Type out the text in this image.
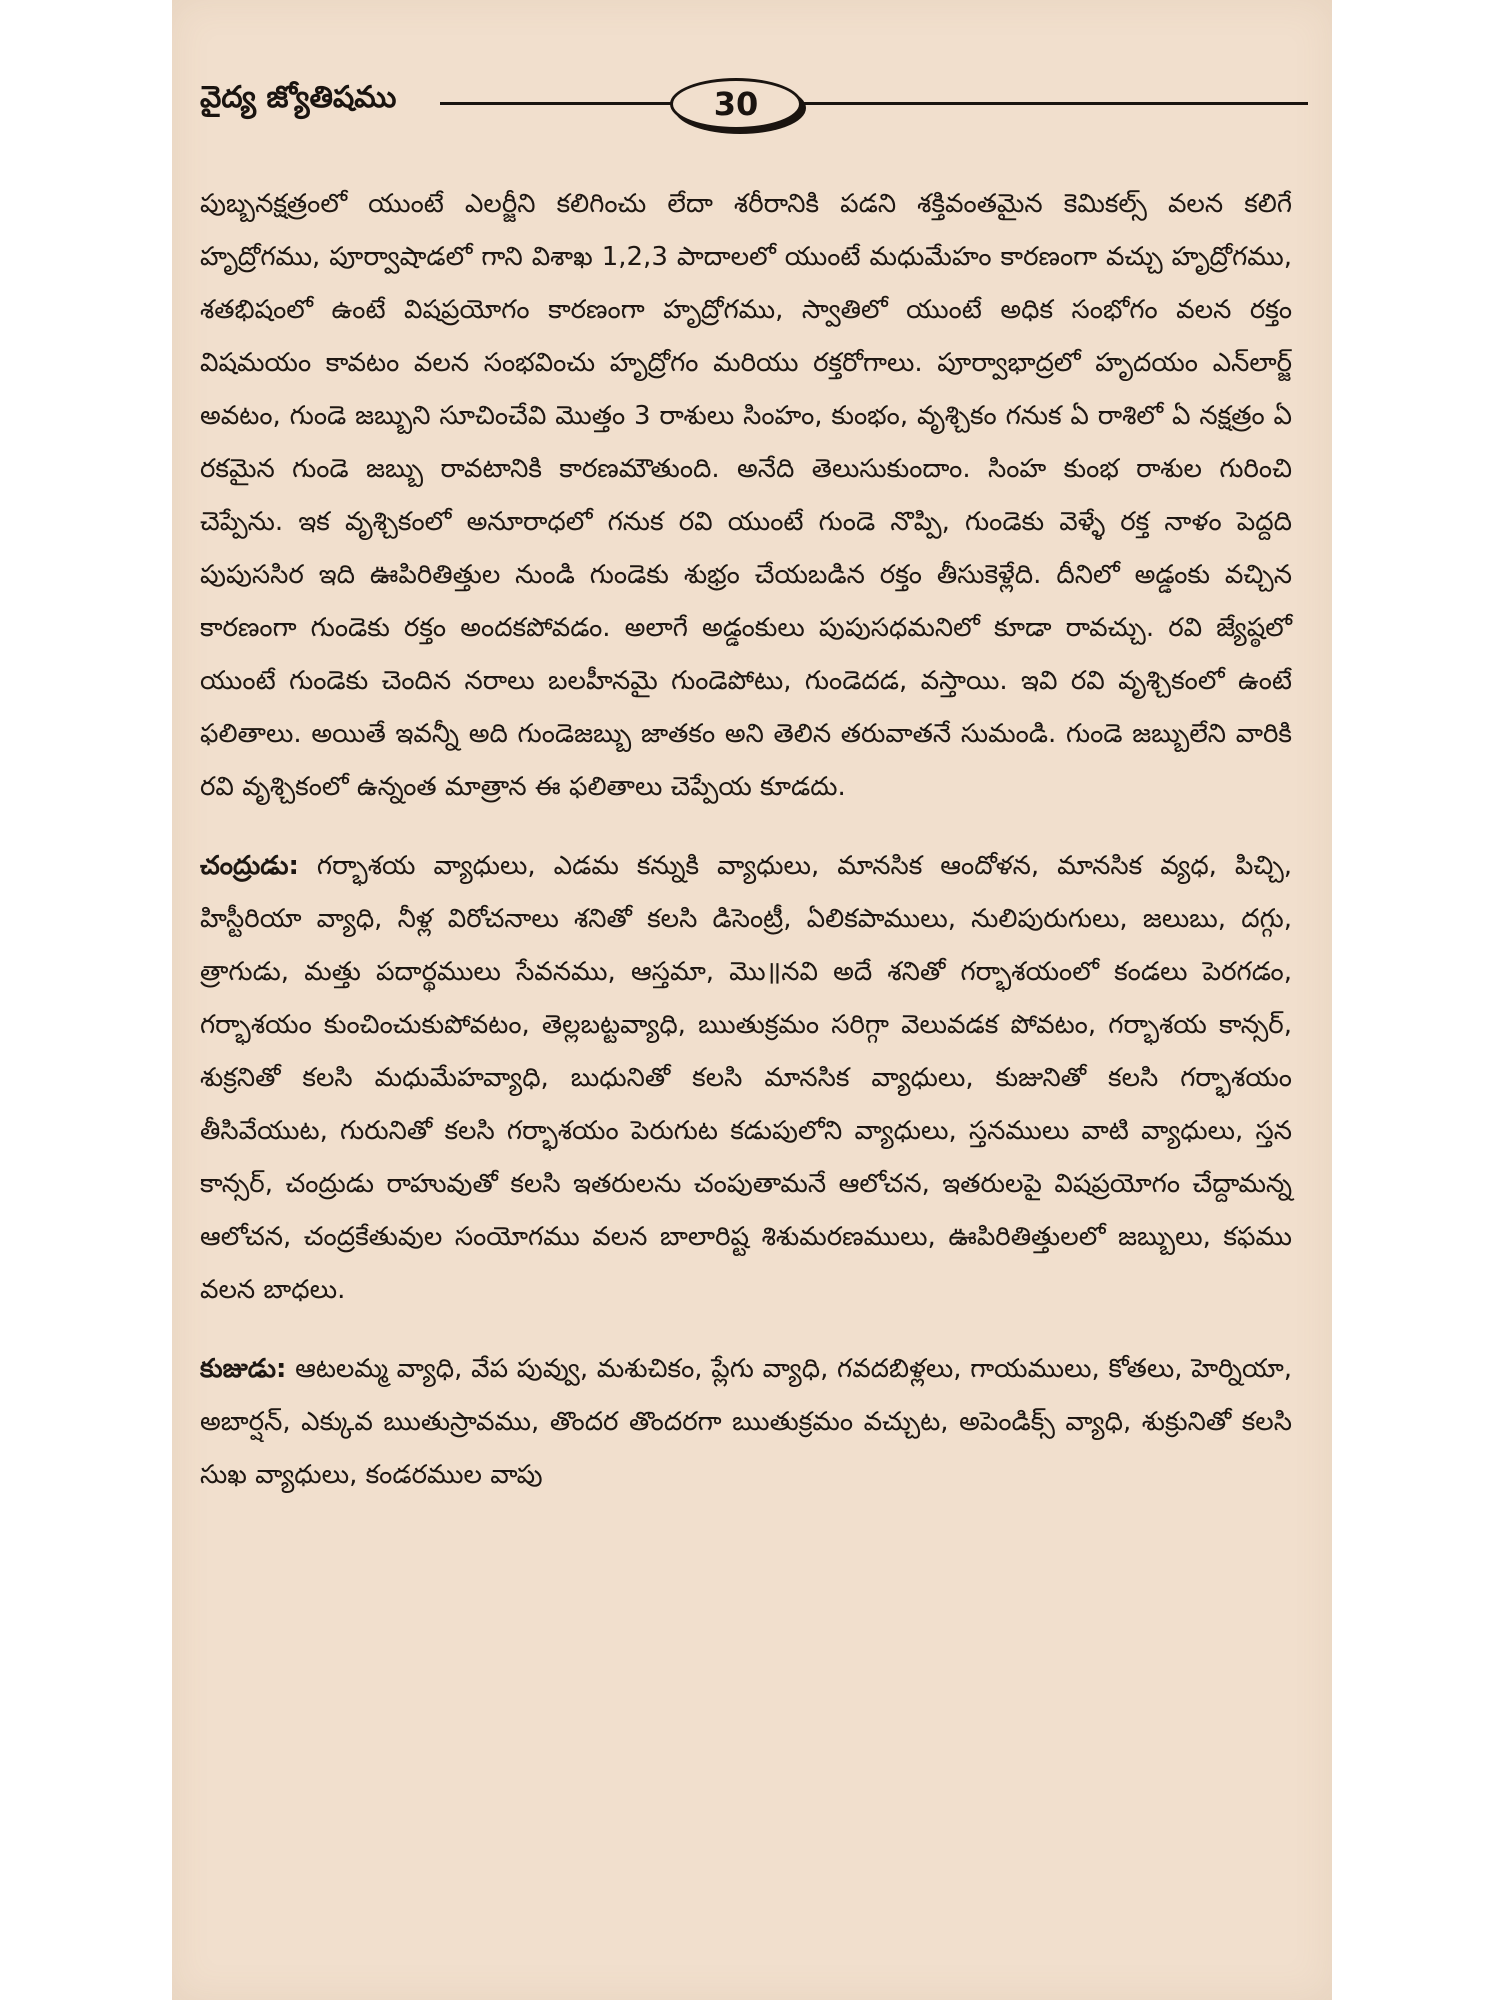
వైద్య జ్యోతిషము	30

పుబ్బనక్షత్రంలో యుంటే ఎలర్జీని కలిగించు లేదా శరీరానికి పడని శక్తివంతమైన కెమికల్స్ వలన కలిగే హృద్రోగము, పూర్వాషాడలో గాని విశాఖ 1,2,3 పాదాలలో యుంటే మధుమేహం కారణంగా వచ్చు హృద్రోగము, శతభిషంలో ఉంటే విషప్రయోగం కారణంగా హృద్రోగము, స్వాతిలో యుంటే అధిక సంభోగం వలన రక్తం విషమయం కావటం వలన సంభవించు హృద్రోగం మరియు రక్తరోగాలు. పూర్వాభాద్రలో హృదయం ఎన్‌లార్జ్ అవటం, గుండె జబ్బుని సూచించేవి మొత్తం 3 రాశులు సింహం, కుంభం, వృశ్చికం గనుక ఏ రాశిలో ఏ నక్షత్రం ఏ రకమైన గుండె జబ్బు రావటానికి కారణమౌతుంది. అనేది తెలుసుకుందాం. సింహ కుంభ రాశుల గురించి చెప్పేను. ఇక వృశ్చికంలో అనూరాధలో గనుక రవి యుంటే గుండె నొప్పి, గుండెకు వెళ్ళే రక్త నాళం పెద్దది పుపుససిర ఇది ఊపిరితిత్తుల నుండి గుండెకు శుభ్రం చేయబడిన రక్తం తీసుకెళ్లేది. దీనిలో అడ్డంకు వచ్చిన కారణంగా గుండెకు రక్తం అందకపోవడం. అలాగే అడ్డంకులు పుపుసధమనిలో కూడా రావచ్చు. రవి జ్యేష్ఠలో యుంటే గుండెకు చెందిన నరాలు బలహీనమై గుండెపోటు, గుండెదడ, వస్తాయి. ఇవి రవి వృశ్చికంలో ఉంటే ఫలితాలు. అయితే ఇవన్నీ అది గుండెజబ్బు జాతకం అని తెలిన తరువాతనే సుమండి. గుండె జబ్బులేని వారికి రవి వృశ్చికంలో ఉన్నంత మాత్రాన ఈ ఫలితాలు చెప్పేయ కూడదు.

చంద్రుడు: గర్భాశయ వ్యాధులు, ఎడమ కన్నుకి వ్యాధులు, మానసిక ఆందోళన, మానసిక వ్యధ, పిచ్చి, హిస్టీరియా వ్యాధి, నీళ్ల విరోచనాలు శనితో కలసి డిసెంట్రీ, ఏలికపాములు, నులిపురుగులు, జలుబు, దగ్గు, త్రాగుడు, మత్తు పదార్థములు సేవనము, ఆస్తమా, మొ॥నవి అదే శనితో గర్భాశయంలో కండలు పెరగడం, గర్భాశయం కుంచించుకుపోవటం, తెల్లబట్టవ్యాధి, ఋతుక్రమం సరిగ్గా వెలువడక పోవటం, గర్భాశయ కాన్సర్, శుక్రనితో కలసి మధుమేహవ్యాధి, బుధునితో కలసి మానసిక వ్యాధులు, కుజునితో కలసి గర్భాశయం తీసివేయుట, గురునితో కలసి గర్భాశయం పెరుగుట కడుపులోని వ్యాధులు, స్తనములు వాటి వ్యాధులు, స్తన కాన్సర్, చంద్రుడు రాహువుతో కలసి ఇతరులను చంపుతామనే ఆలోచన, ఇతరులపై విషప్రయోగం చేద్దామన్న ఆలోచన, చంద్రకేతువుల సంయోగము వలన బాలారిష్ట శిశుమరణములు, ఊపిరితిత్తులలో జబ్బులు, కఫము వలన బాధలు.

కుజుడు: ఆటలమ్మ వ్యాధి, వేప పువ్వు, మశుచికం, ప్లేగు వ్యాధి, గవదబిళ్లలు, గాయములు, కోతలు, హెర్నియా, అబార్షన్, ఎక్కువ ఋతుస్రావము, తొందర తొందరగా ఋతుక్రమం వచ్చుట, అపెండిక్స్ వ్యాధి, శుక్రునితో కలసి సుఖ వ్యాధులు, కండరముల వాపు
